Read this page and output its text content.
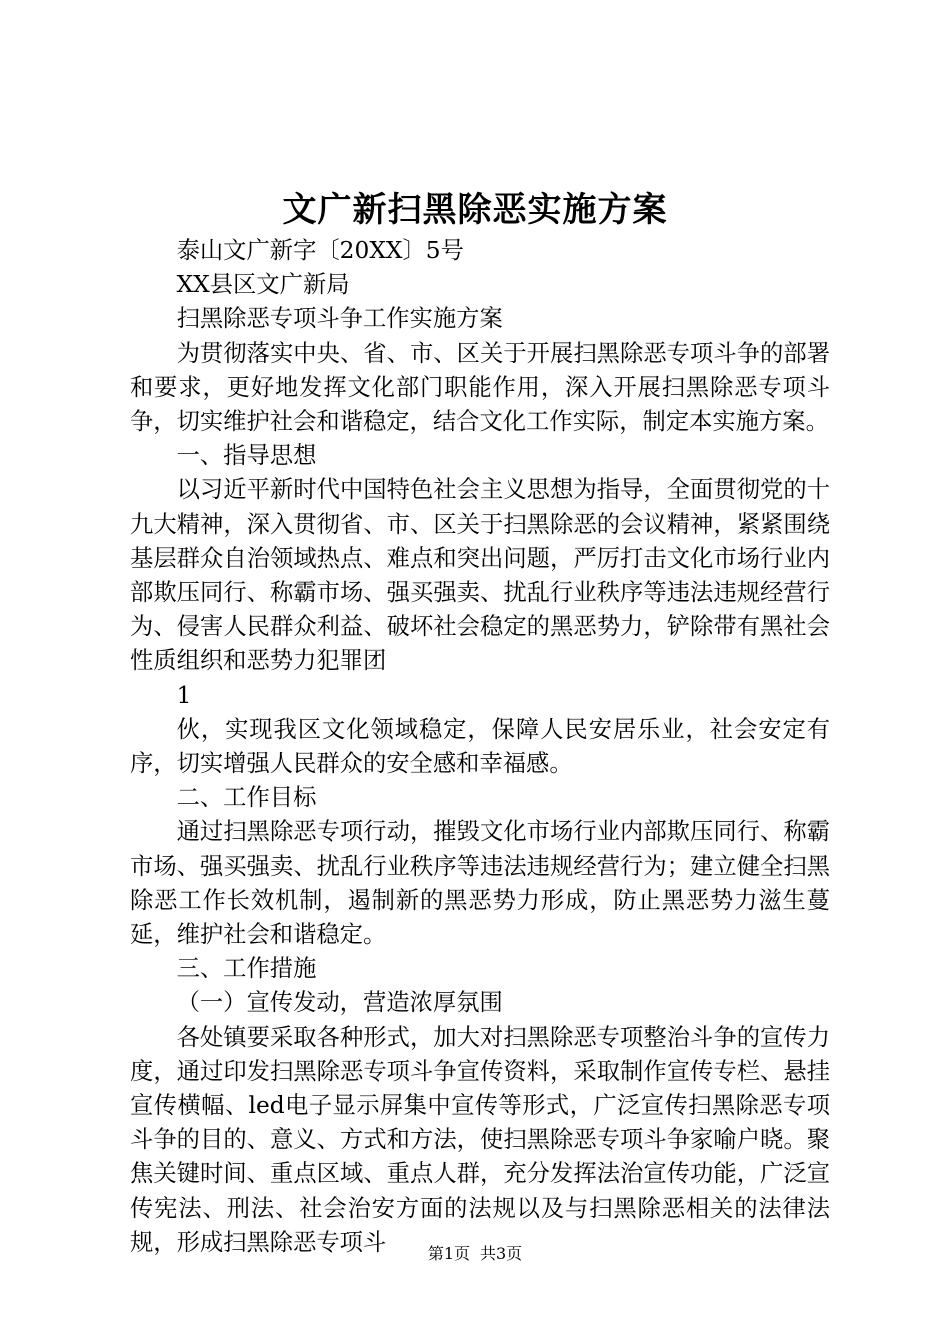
文广新扫黑除恶实施方案

泰山文广新字〔20XX〕5号

XX县区文广新局

扫黑除恶专项斗争工作实施方案

为贯彻落实中央、省、市、区关于开展扫黑除恶专项斗争的部署和要求，更好地发挥文化部门职能作用，深入开展扫黑除恶专项斗争，切实维护社会和谐稳定，结合文化工作实际，制定本实施方案。

一、指导思想

以习近平新时代中国特色社会主义思想为指导，全面贯彻党的十九大精神，深入贯彻省、市、区关于扫黑除恶的会议精神，紧紧围绕基层群众自治领域热点、难点和突出问题，严厉打击文化市场行业内部欺压同行、称霸市场、强买强卖、扰乱行业秩序等违法违规经营行为、侵害人民群众利益、破坏社会稳定的黑恶势力，铲除带有黑社会性质组织和恶势力犯罪团

1

伙，实现我区文化领域稳定，保障人民安居乐业，社会安定有序，切实增强人民群众的安全感和幸福感。

二、工作目标

通过扫黑除恶专项行动，摧毁文化市场行业内部欺压同行、称霸市场、强买强卖、扰乱行业秩序等违法违规经营行为；建立健全扫黑除恶工作长效机制，遏制新的黑恶势力形成，防止黑恶势力滋生蔓延，维护社会和谐稳定。

三、工作措施

（一）宣传发动，营造浓厚氛围

各处镇要采取各种形式，加大对扫黑除恶专项整治斗争的宣传力度，通过印发扫黑除恶专项斗争宣传资料，采取制作宣传专栏、悬挂宣传横幅、led电子显示屏集中宣传等形式，广泛宣传扫黑除恶专项斗争的目的、意义、方式和方法，使扫黑除恶专项斗争家喻户晓。聚焦关键时间、重点区域、重点人群，充分发挥法治宣传功能，广泛宣传宪法、刑法、社会治安方面的法规以及与扫黑除恶相关的法律法规，形成扫黑除恶专项斗	第1页 共3页
